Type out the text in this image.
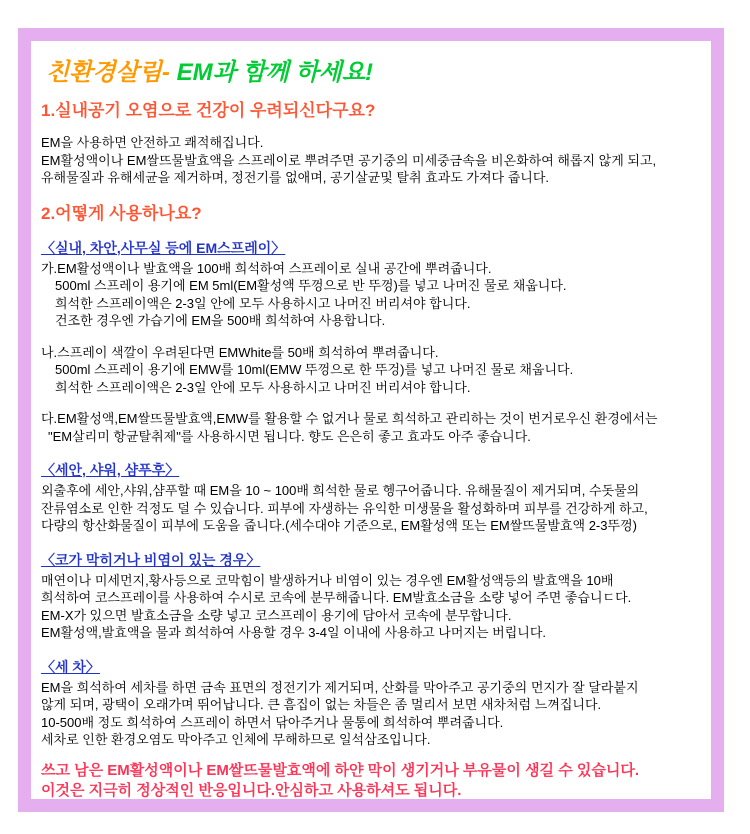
친환경살림- EM과 함께 하세요!
1.실내공기 오염으로 건강이 우려되신다구요?
EM을 사용하면 안전하고 쾌적해집니다.
EM활성액이나 EM쌀뜨물발효액을 스프레이로 뿌려주면 공기중의 미세중금속을 비온화하여 해롭지 않게 되고,
유해물질과 유해세균을 제거하며, 정전기를 없애며, 공기살균및 탈취 효과도 가져다 줍니다.
2.어떻게 사용하나요?
〈실내, 차안,사무실 등에 EM스프레이〉
가.EM활성액이나 발효액을 100배 희석하여 스프레이로 실내 공간에 뿌려줍니다.
500ml 스프레이 용기에 EM 5ml(EM활성액 뚜껑으로 반 뚜껑)를 넣고 나머진 물로 채웁니다.
희석한 스프레이액은 2-3일 안에 모두 사용하시고 나머진 버리셔야 합니다.
건조한 경우엔 가습기에 EM을 500배 희석하여 사용합니다.
나.스프레이 색깔이 우려된다면 EMWhite를 50배 희석하여 뿌려줍니다.
500ml 스프레이 용기에 EMW를 10ml(EMW 뚜껑으로 한 뚜겅)를 넣고 나머진 물로 채웁니다.
희석한 스프레이액은 2-3일 안에 모두 사용하시고 나머진 버리셔야 합니다.
다.EM활성액,EM쌀뜨물발효액,EMW를 활용할 수 없거나 물로 희석하고 관리하는 것이 번거로우신 환경에서는
"EM살리미 항균탈취제"를 사용하시면 됩니다. 향도 은은히 좋고 효과도 아주 좋습니다.
〈세안, 샤워, 샴푸후〉
외출후에 세안,샤워,샴푸할 때 EM을 10 ~ 100배 희석한 물로 헹구어줍니다. 유해물질이 제거되며, 수돗물의
잔류염소로 인한 걱정도 덜 수 있습니다. 피부에 자생하는 유익한 미생물을 활성화하며 피부를 건강하게 하고,
다량의 항산화물질이 피부에 도움을 줍니다.(세수대야 기준으로, EM활성액 또는 EM쌀뜨물발효액 2-3뚜껑)
〈코가 막히거나 비염이 있는 경우〉
매연이나 미세먼지,황사등으로 코막힘이 발생하거나 비염이 있는 경우엔 EM활성액등의 발효액을 10배
희석하여 코스프레이를 사용하여 수시로 코속에 분무해줍니다. EM발효소금을 소량 넣어 주면 좋습니ㄷ다.
EM-X가 있으면 발효소금을 소량 넣고 코스프레이 용기에 담아서 코속에 분무합니다.
EM활성액,발효액을 물과 희석하여 사용할 경우 3-4일 이내에 사용하고 나머지는 버립니다.
〈세 차〉
EM을 희석하여 세차를 하면 금속 표면의 정전기가 제거되며, 산화를 막아주고 공기중의 먼지가 잘 달라붙지
않게 되며, 광택이 오래가며 뛰어납니다. 큰 흠집이 없는 차들은 좀 멀리서 보면 새차처럼 느껴집니다.
10-500배 정도 희석하여 스프레이 하면서 닦아주거나 물통에 희석하여 뿌려줍니다.
세차로 인한 환경오염도 막아주고 인체에 무해하므로 일석삼조입니다.
쓰고 남은 EM활성액이나 EM쌀뜨물발효액에 하얀 막이 생기거나 부유물이 생길 수 있습니다.
이것은 지극히 정상적인 반응입니다.안심하고 사용하셔도 됩니다.
